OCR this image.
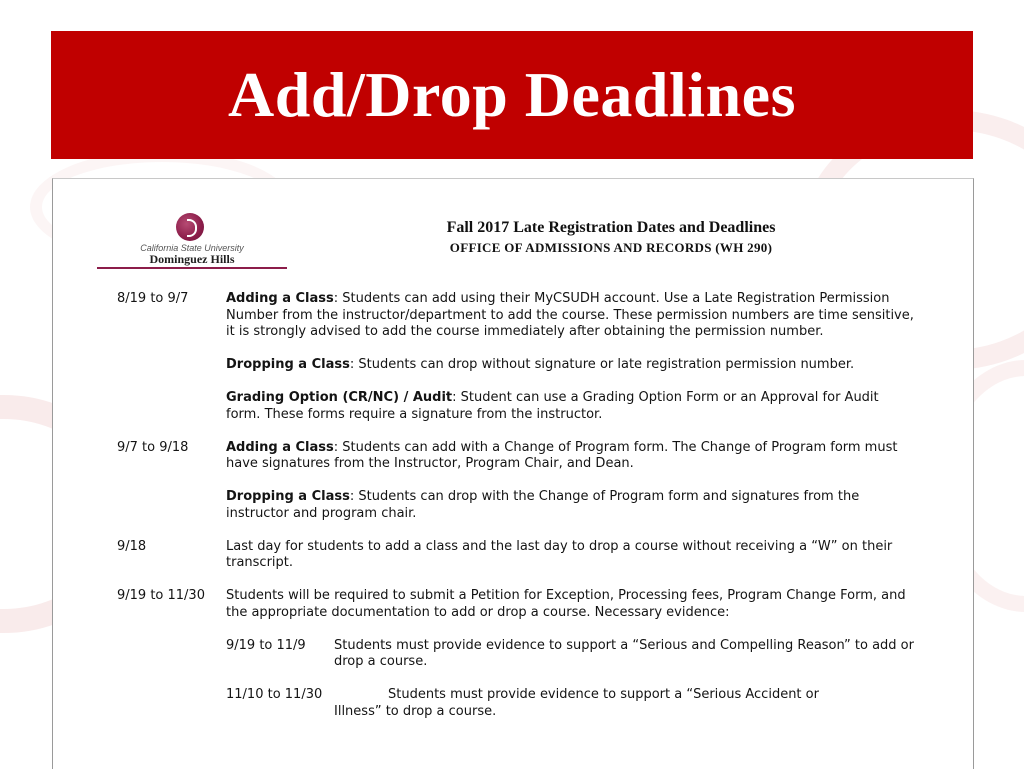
Add/Drop Deadlines
California State University
Dominguez Hills
Fall 2017 Late Registration Dates and Deadlines
OFFICE OF ADMISSIONS AND RECORDS (WH 290)
8/19 to 9/7	Adding a Class: Students can add using their MyCSUDH account. Use a Late Registration Permission Number from the instructor/department to add the course. These permission numbers are time sensitive, it is strongly advised to add the course immediately after obtaining the permission number.

Dropping a Class: Students can drop without signature or late registration permission number.

Grading Option (CR/NC) / Audit: Student can use a Grading Option Form or an Approval for Audit form. These forms require a signature from the instructor.

9/7 to 9/18	Adding a Class: Students can add with a Change of Program form. The Change of Program form must have signatures from the Instructor, Program Chair, and Dean.

Dropping a Class: Students can drop with the Change of Program form and signatures from the instructor and program chair.

9/18	Last day for students to add a class and the last day to drop a course without receiving a “W” on their transcript.

9/19 to 11/30	Students will be required to submit a Petition for Exception, Processing fees, Program Change Form, and the appropriate documentation to add or drop a course. Necessary evidence:

9/19 to 11/9	Students must provide evidence to support a “Serious and Compelling Reason” to add or drop a course.
11/10 to 11/30	Students must provide evidence to support a “Serious Accident or
Illness” to drop a course.
